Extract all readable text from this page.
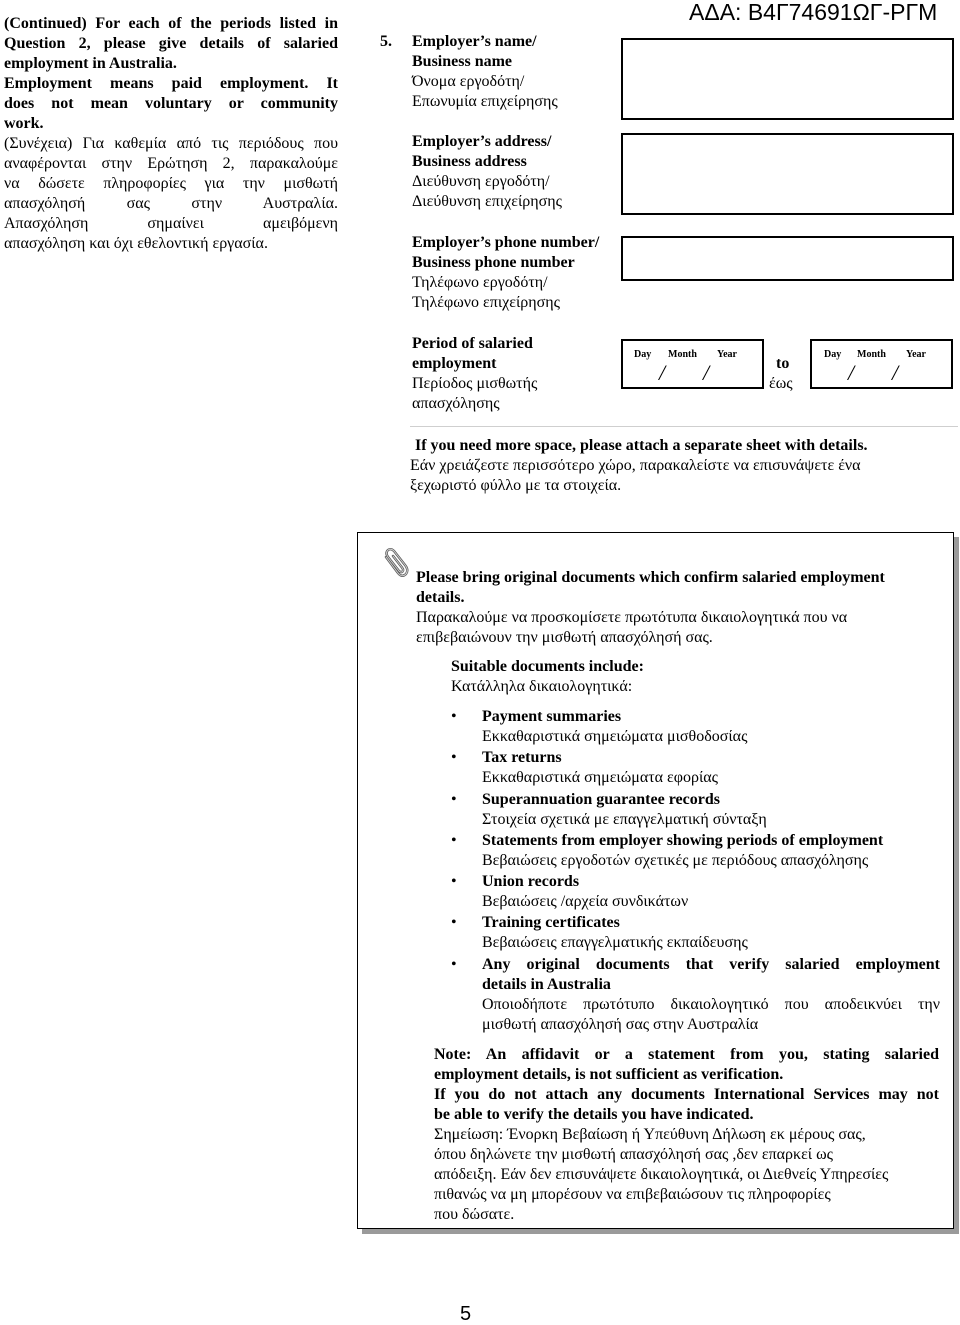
ΑΔΑ: Β4Γ74691ΩΓ-ΡΓΜ
(Continued) For each of the periods listed in
Question 2, please give details of salaried
employment in Australia.
Employment means paid employment. It
does not mean voluntary or community
work.
(Συνέχεια) Για καθεμία από τις περιόδους που
αναφέρονται στην Ερώτηση 2, παρακαλούμε
να δώσετε πληροφορίες για την μισθωτή
απασχόλησή σας στην Αυστραλία.
Απασχόληση σημαίνει αμειβόμενη
απασχόληση και όχι εθελοντική εργασία.
5. Employer’s name/
Business name
Όνομα εργοδότη/
Επωνυμία επιχείρησης
Employer’s address/
Business address
Διεύθυνση εργοδότη/
Διεύθυνση επιχείρησης
Employer’s phone number/
Business phone number
Τηλέφωνο εργοδότη/
Τηλέφωνο επιχείρησης
Period of salaried
employment
Περίοδος μισθωτής
απασχόλησης
Day Month Year
/ /	to
έως
Day Month Year
/ /
If you need more space, please attach a separate sheet with details.
Εάν χρειάζεστε περισσότερο χώρο, παρακαλείστε να επισυνάψετε ένα
ξεχωριστό φύλλο με τα στοιχεία.
Please bring original documents which confirm salaried employment
details.
Παρακαλούμε να προσκομίσετε πρωτότυπα δικαιολογητικά που να
επιβεβαιώνουν την μισθωτή απασχόλησή σας.
Suitable documents include:
Κατάλληλα δικαιολογητικά:
• Payment summaries
Εκκαθαριστικά σημειώματα μισθοδοσίας
• Tax returns
Εκκαθαριστικά σημειώματα εφορίας
• Superannuation guarantee records
Στοιχεία σχετικά με επαγγελματική σύνταξη
• Statements from employer showing periods of employment
Βεβαιώσεις εργοδοτών σχετικές με περιόδους απασχόλησης
• Union records
Βεβαιώσεις /αρχεία συνδικάτων
• Training certificates
Βεβαιώσεις επαγγελματικής εκπαίδευσης
• Any original documents that verify salaried employment
details in Australia
Οποιοδήποτε πρωτότυπο δικαιολογητικό που αποδεικνύει την
μισθωτή απασχόλησή σας στην Αυστραλία
Note: An affidavit or a statement from you, stating salaried
employment details, is not sufficient as verification.
If you do not attach any documents International Services may not
be able to verify the details you have indicated.
Σημείωση: Ένορκη Βεβαίωση ή Υπεύθυνη Δήλωση εκ μέρους σας,
όπου δηλώνετε την μισθωτή απασχόλησή σας ,δεν επαρκεί ως
απόδειξη. Εάν δεν επισυνάψετε δικαιολογητικά, οι Διεθνείς Υπηρεσίες
πιθανώς να μη μπορέσουν να επιβεβαιώσουν τις πληροφορίες
που δώσατε.
5
